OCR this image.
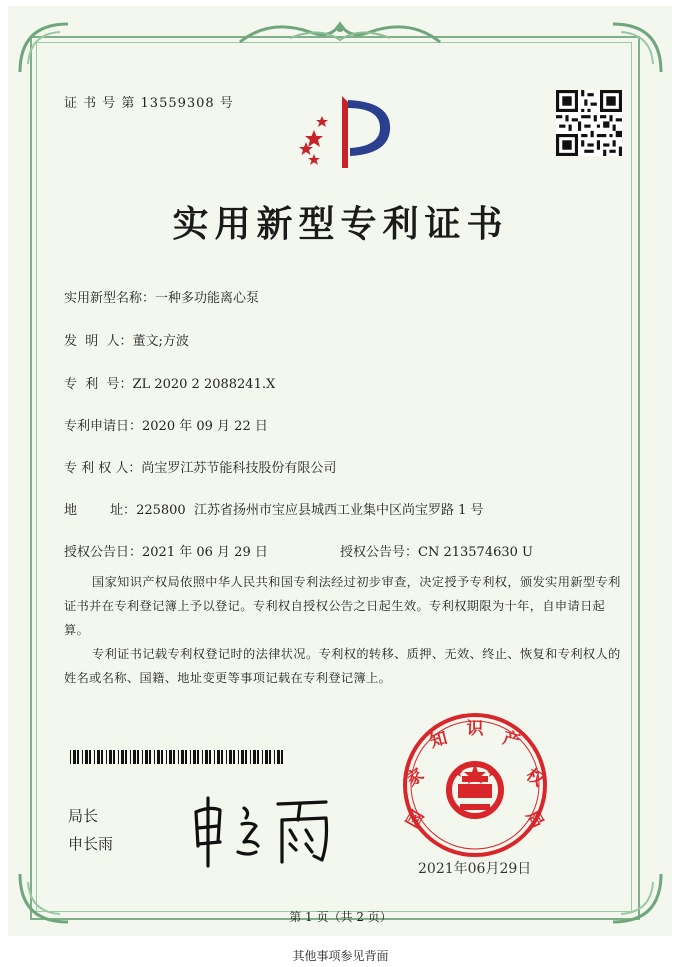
证 书 号 第 13559308 号
实用新型专利证书
实用新型名称：一种多功能离心泵
发  明  人：董文;方波
专  利  号：ZL 2020 2 2088241.X
专利申请日：2020 年 09 月 22 日
专 利 权 人：尚宝罗江苏节能科技股份有限公司
地        址：225800  江苏省扬州市宝应县城西工业集中区尚宝罗路 1 号
授权公告日：2021 年 06 月 29 日	授权公告号：CN 213574630 U
国家知识产权局依照中华人民共和国专利法经过初步审查，决定授予专利权，颁发实用新型专利证书并在专利登记簿上予以登记。专利权自授权公告之日起生效。专利权期限为十年，自申请日起算。
专利证书记载专利权登记时的法律状况。专利权的转移、质押、无效、终止、恢复和专利权人的姓名或名称、国籍、地址变更等事项记载在专利登记簿上。
局长
申长雨
国
家
知 识 产
权
局
2021年06月29日
第 1 页（共 2 页）
其他事项参见背面
